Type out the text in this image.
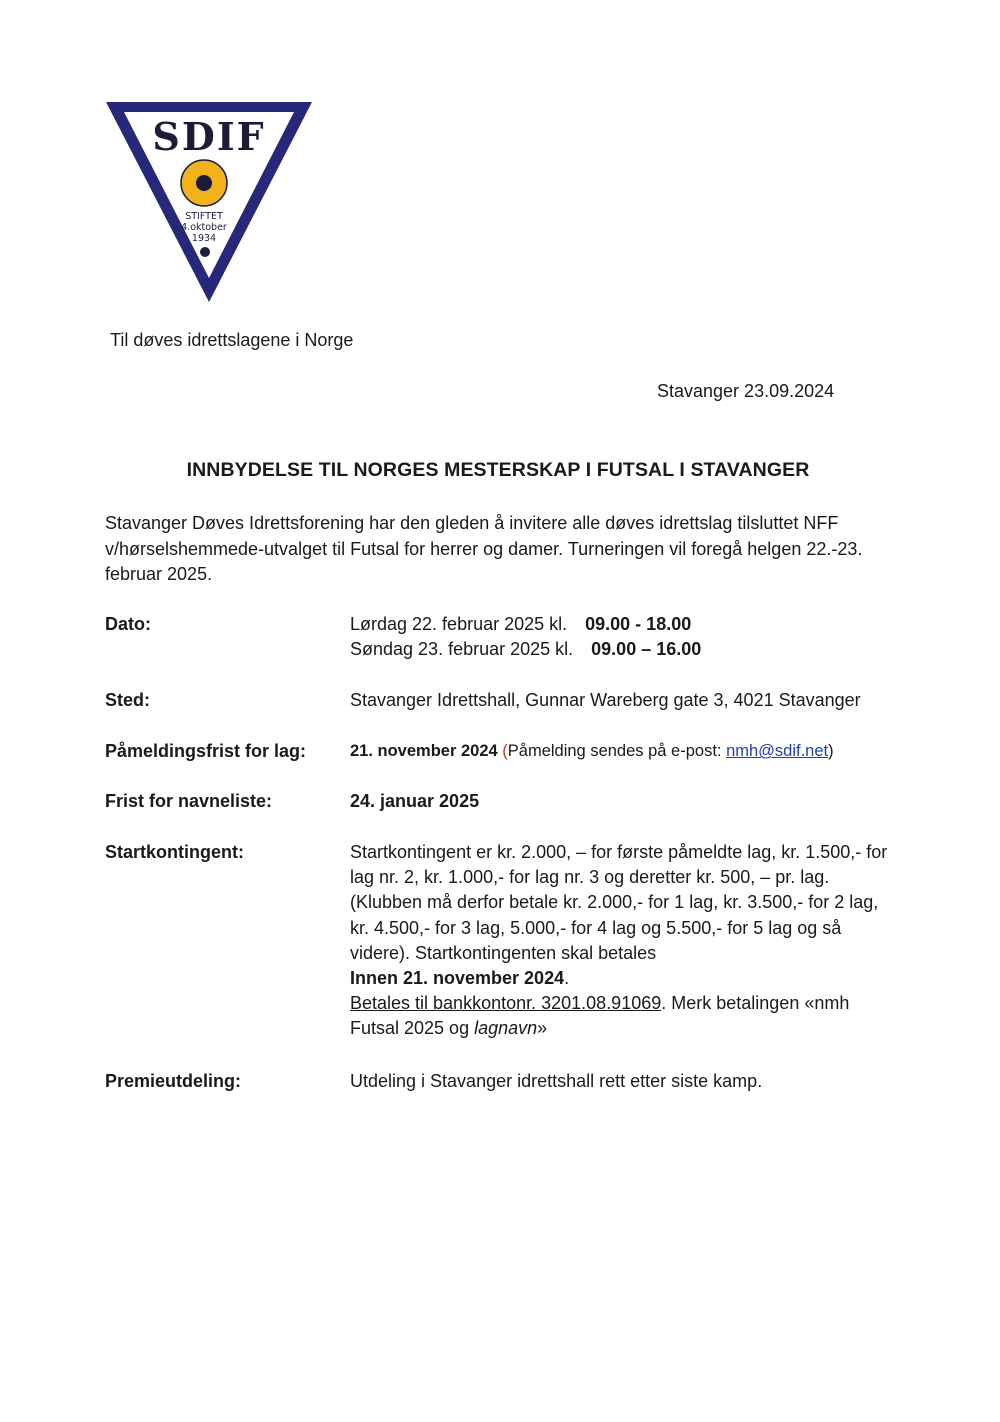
SDIF
STIFTET
4.oktober
1934
Til døves idrettslagene i Norge
Stavanger 23.09.2024
INNBYDELSE TIL NORGES MESTERSKAP I FUTSAL I STAVANGER
Stavanger Døves Idrettsforening har den gleden å invitere alle døves idrettslag tilsluttet NFF v/hørselshemmede-utvalget til Futsal for herrer og damer. Turneringen vil foregå helgen 22.-23. februar 2025.
Dato:	Lørdag 22. februar 2025 kl. 09.00 - 18.00
Søndag 23. februar 2025 kl. 09.00 – 16.00
Sted:	Stavanger Idrettshall, Gunnar Wareberg gate 3, 4021 Stavanger
Påmeldingsfrist for lag:	21. november 2024 (Påmelding sendes på e-post: nmh@sdif.net)
Frist for navneliste:	24. januar 2025
Startkontingent:	Startkontingent er kr. 2.000, – for første påmeldte lag, kr. 1.500,- for lag nr. 2, kr. 1.000,- for lag nr. 3 og deretter kr. 500, – pr. lag. (Klubben må derfor betale kr. 2.000,- for 1 lag, kr. 3.500,- for 2 lag, kr. 4.500,- for 3 lag, 5.000,- for 4 lag og 5.500,- for 5 lag og så videre). Startkontingenten skal betales
Innen 21. november 2024.
Betales til bankkontonr. 3201.08.91069. Merk betalingen «nmh Futsal 2025 og lagnavn»
Premieutdeling:	Utdeling i Stavanger idrettshall rett etter siste kamp.
